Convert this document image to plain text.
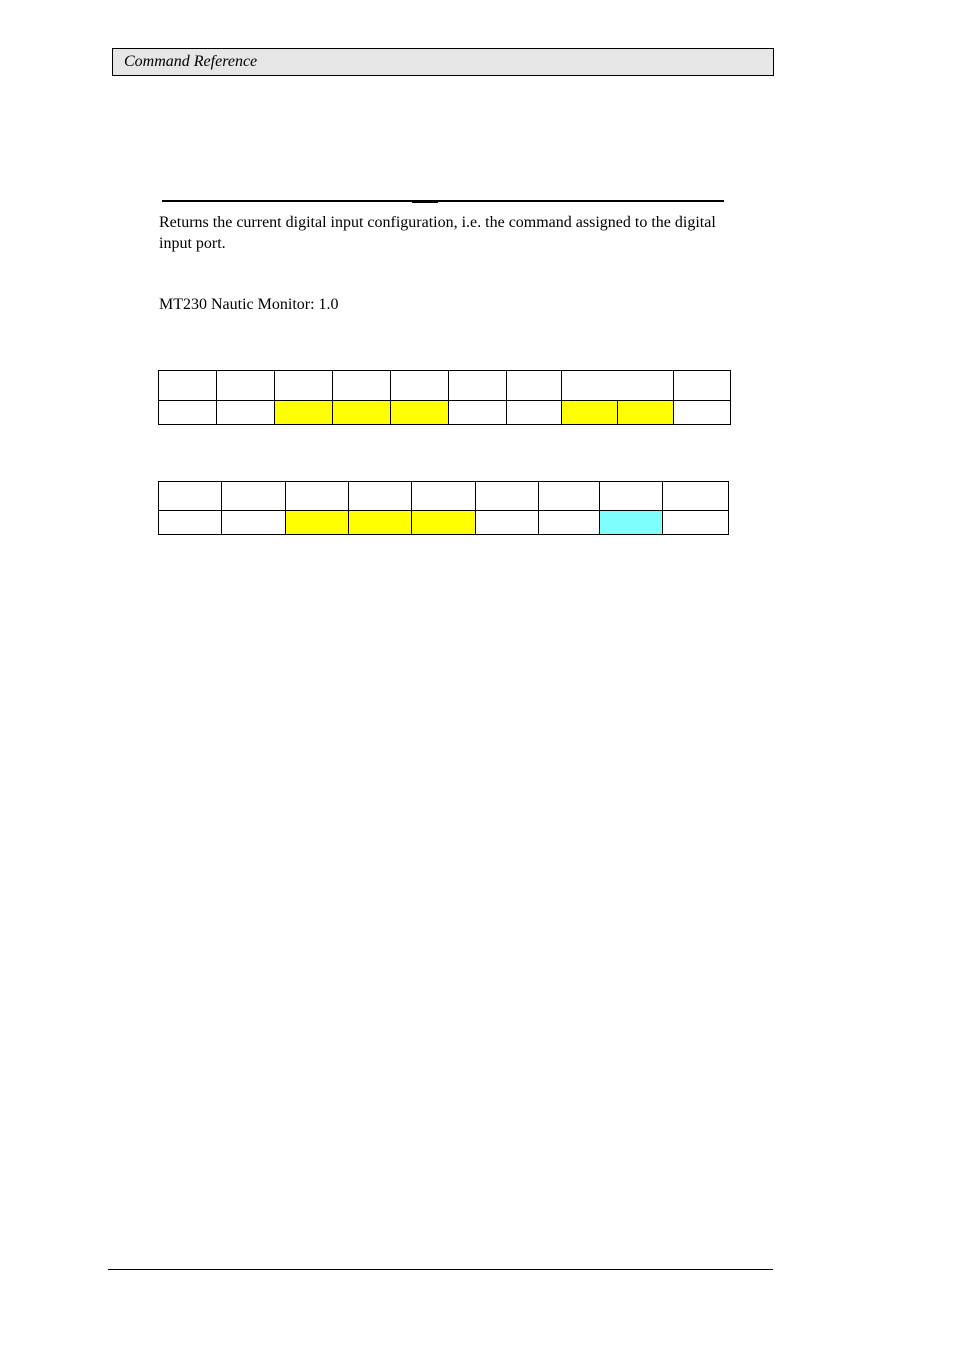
Command Reference
Returns the current digital input configuration, i.e. the command assigned to the digital input port.
MT230 Nautic Monitor: 1.0
